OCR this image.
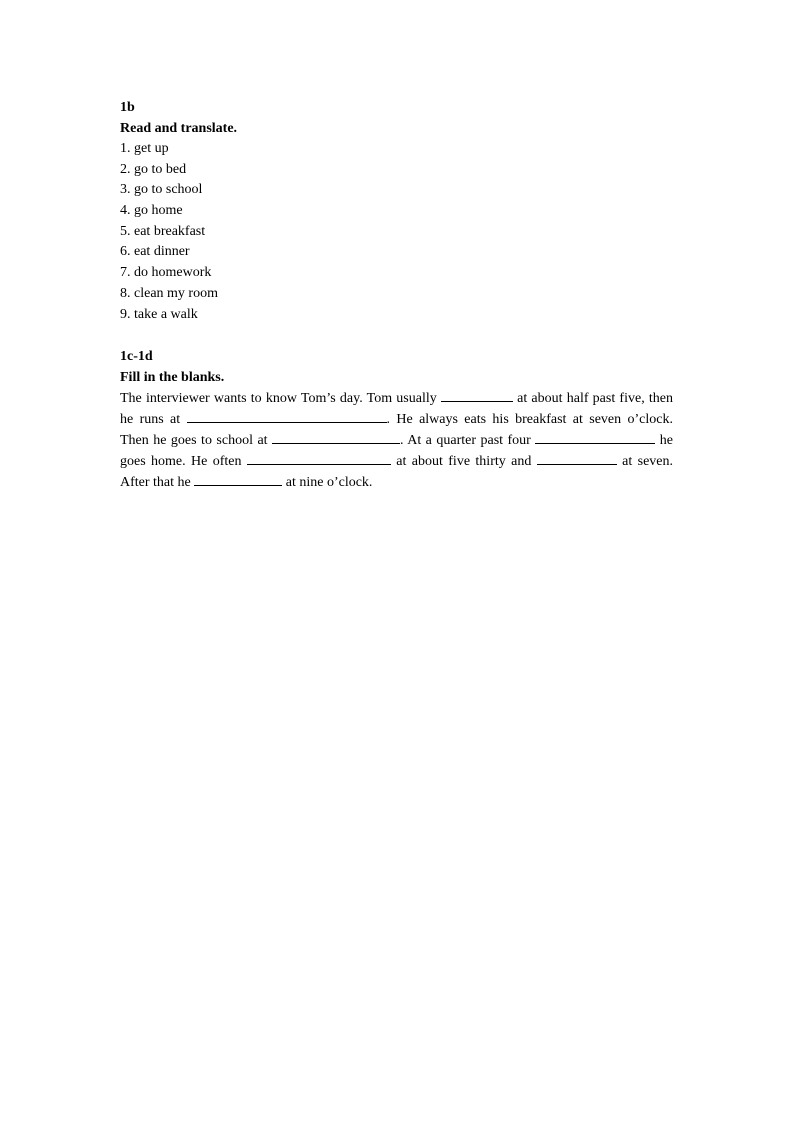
1b
Read and translate.
1. get up
2. go to bed
3. go to school
4. go home
5. eat breakfast
6. eat dinner
7. do homework
8. clean my room
9. take a walk
1c-1d
Fill in the blanks.

The interviewer wants to know Tom’s day. Tom usually	at about half past five, then he runs at	. He always eats his breakfast at seven o’clock. Then he goes to school at	. At a quarter past four	he goes home. He often	at about five thirty and	at seven. After that he	at nine o’clock.
